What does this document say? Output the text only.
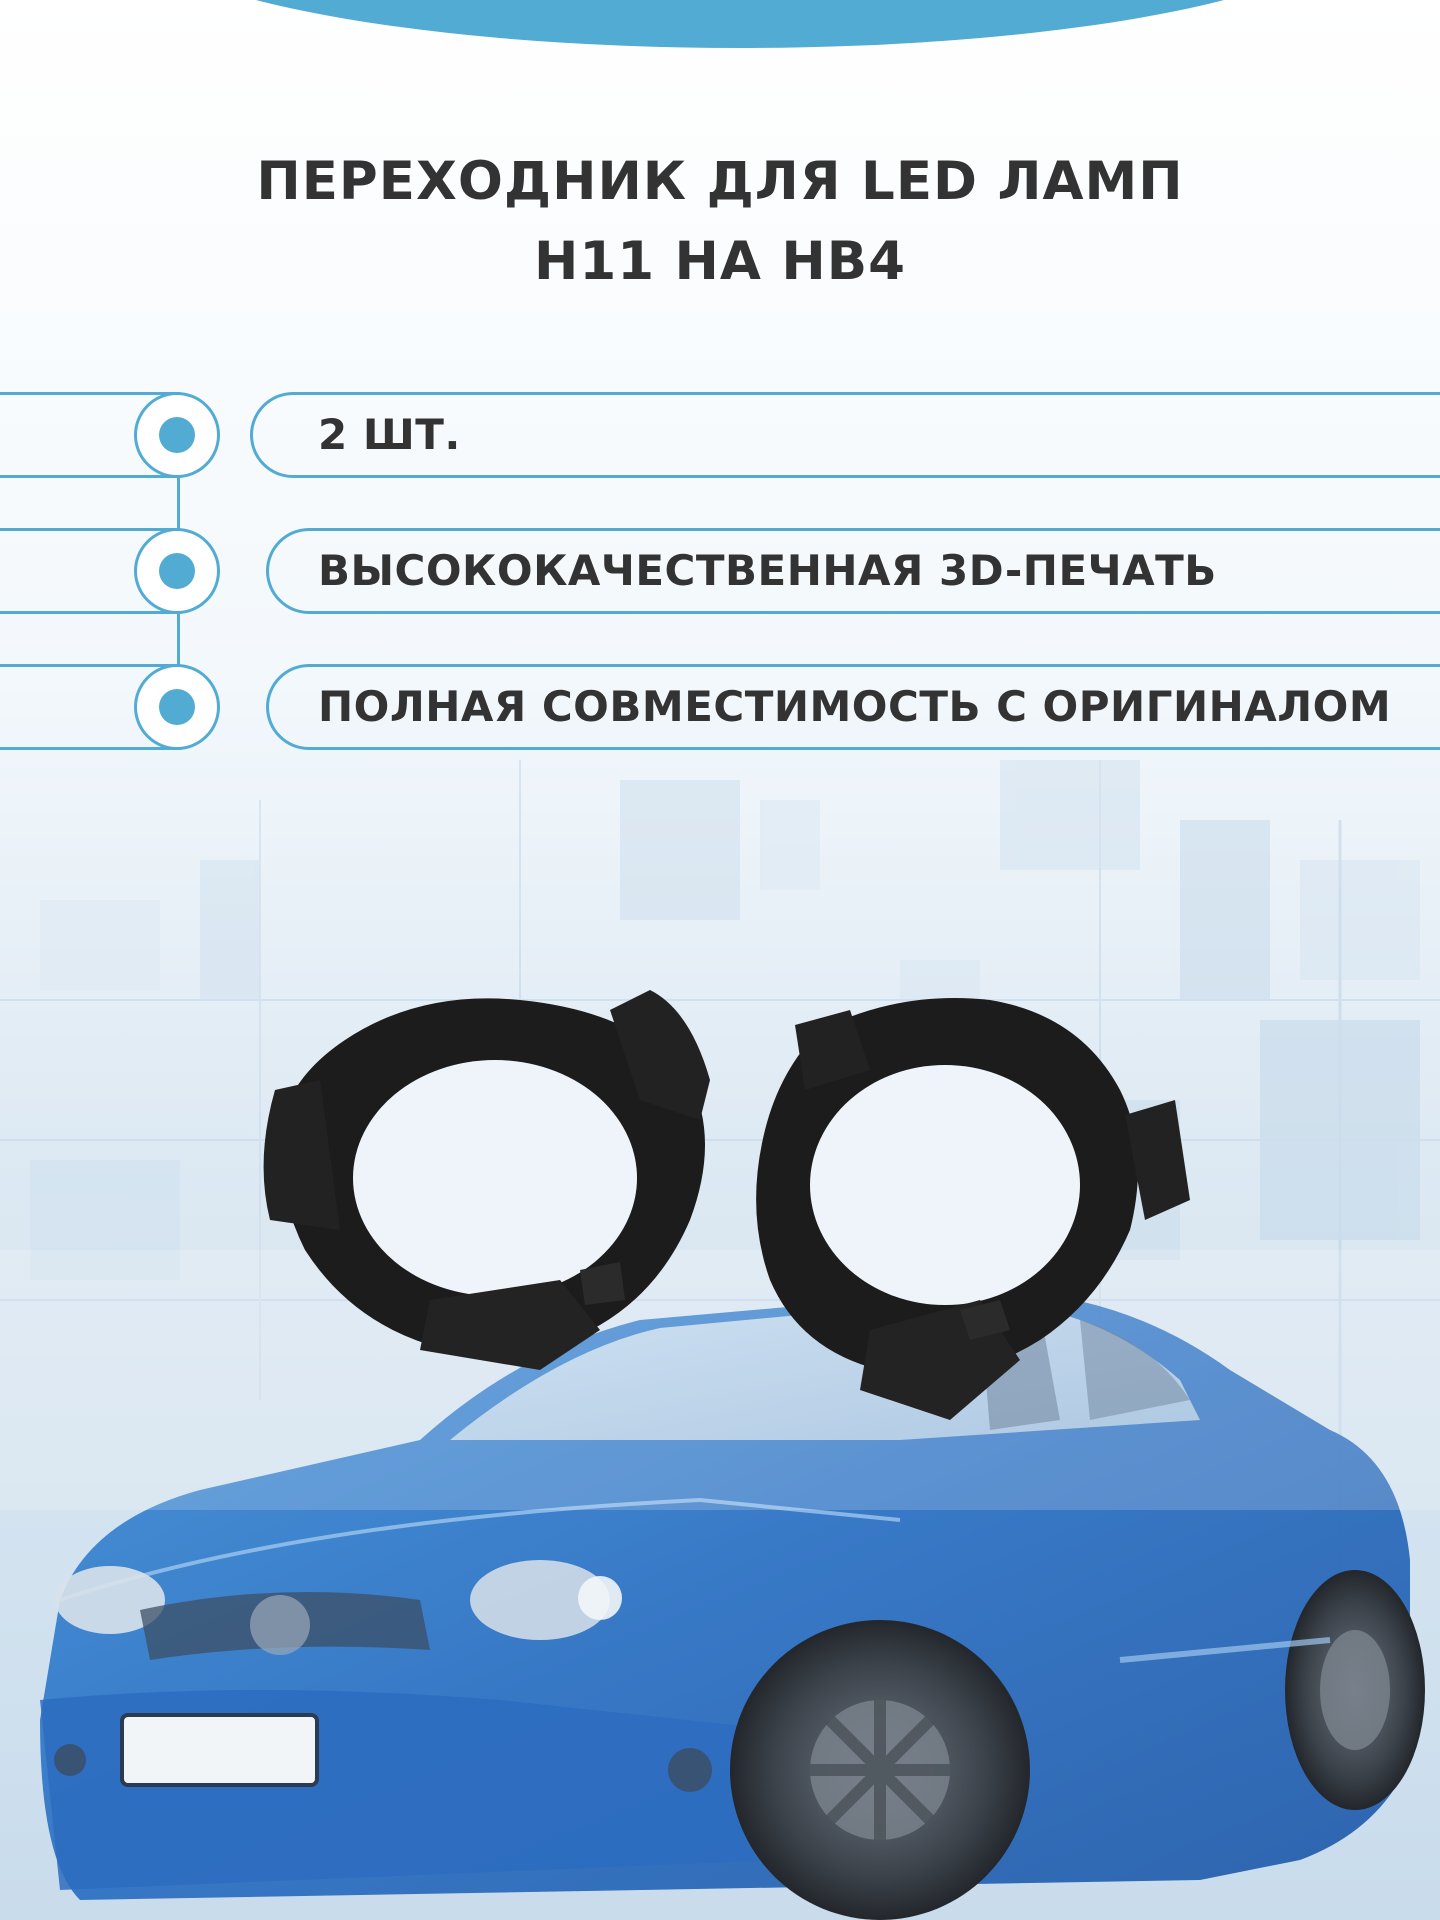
ПЕРЕХОДНИК ДЛЯ LED ЛАМП
H11 НА HB4
2 ШТ.
ВЫСОКОКАЧЕСТВЕННАЯ 3D-ПЕЧАТЬ
ПОЛНАЯ СОВМЕСТИМОСТЬ С ОРИГИНАЛОМ
